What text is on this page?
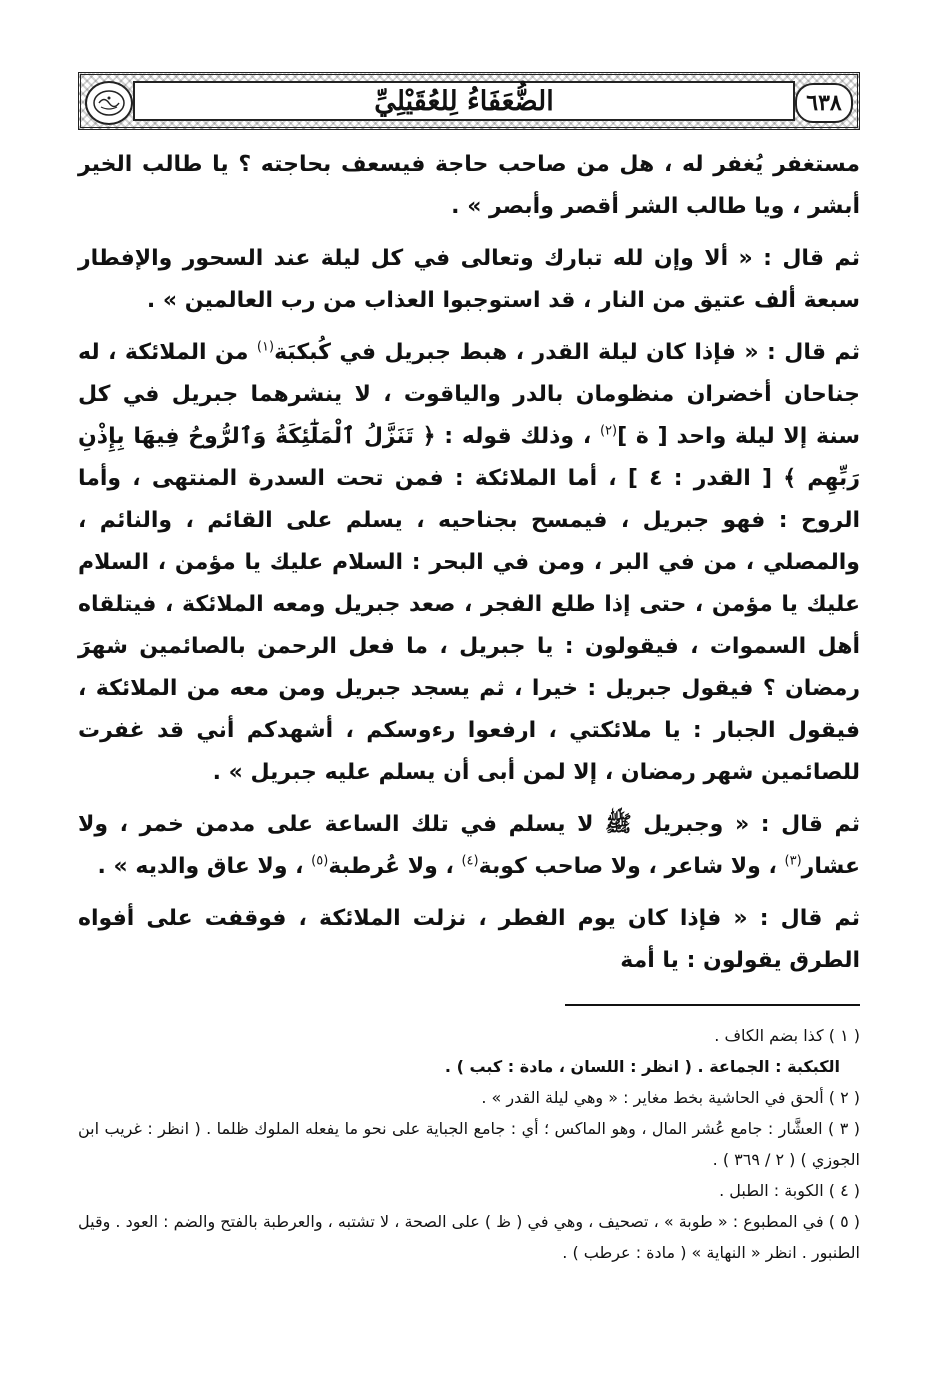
٦٣٨
الضُّعَفَاءُ لِلعُقَيْلِيِّ

مستغفر يُغفر له ، هل من صاحب حاجة فيسعف بحاجته ؟ يا طالب الخير أبشر ، ويا طالب الشر أقصر وأبصر » .

ثم قال : « ألا وإن لله تبارك وتعالى في كل ليلة عند السحور والإفطار سبعة ألف عتيق من النار ، قد استوجبوا العذاب من رب العالمين » .

ثم قال : « فإذا كان ليلة القدر ، هبط جبريل في كُبكبَة$^{(١)}$ من الملائكة ، له جناحان أخضران منظومان بالدر والياقوت ، لا ينشرهما جبريل في كل سنة إلا ليلة واحد [ ة ]$^{(٢)}$ ، وذلك قوله : ﴿ تَنَزَّلُ ٱلْمَلَٰٓئِكَةُ وَٱلرُّوحُ فِيهَا بِإِذْنِ رَبِّهِم ﴾ [ القدر : ٤ ] ، أما الملائكة : فمن تحت السدرة المنتهى ، وأما الروح : فهو جبريل ، فيمسح بجناحيه ، يسلم على القائم ، والنائم ، والمصلي ، من في البر ، ومن في البحر : السلام عليك يا مؤمن ، السلام عليك يا مؤمن ، حتى إذا طلع الفجر ، صعد جبريل ومعه الملائكة ، فيتلقاه أهل السموات ، فيقولون : يا جبريل ، ما فعل الرحمن بالصائمين شهرَ رمضان ؟ فيقول جبريل : خيرا ، ثم يسجد جبريل ومن معه من الملائكة ، فيقول الجبار : يا ملائكتي ، ارفعوا رءوسكم ، أشهدكم أني قد غفرت للصائمين شهر رمضان ، إلا لمن أبى أن يسلم عليه جبريل » .

ثم قال : « وجبريل ﷺ لا يسلم في تلك الساعة على مدمن خمر ، ولا عشار$^{(٣)}$ ، ولا شاعر ، ولا صاحب كوبة$^{(٤)}$ ، ولا عُرطبة$^{(٥)}$ ، ولا عاق والديه » .

ثم قال : « فإذا كان يوم الفطر ، نزلت الملائكة ، فوقفت على أفواه الطرق يقولون : يا أمة

( ١ ) كذا بضم الكاف .

الكبكبة : الجماعة . ( انظر : اللسان ، مادة : كبب ) .

( ٢ ) ألحق في الحاشية بخط مغاير : « وهي ليلة القدر » .

( ٣ ) العشَّار : جامع عُشر المال ، وهو الماكس ؛ أي : جامع الجباية على نحو ما يفعله الملوك ظلما . ( انظر : غريب ابن الجوزي ) ( ٢ / ٣٦٩ ) .

( ٤ ) الكوبة : الطبل .

( ٥ ) في المطبوع : « طوبة » ، تصحيف ، وهي في ( ظ ) على الصحة ، لا تشتبه ، والعرطبة بالفتح والضم : العود . وقيل الطنبور . انظر « النهاية » ( مادة : عرطب ) .
